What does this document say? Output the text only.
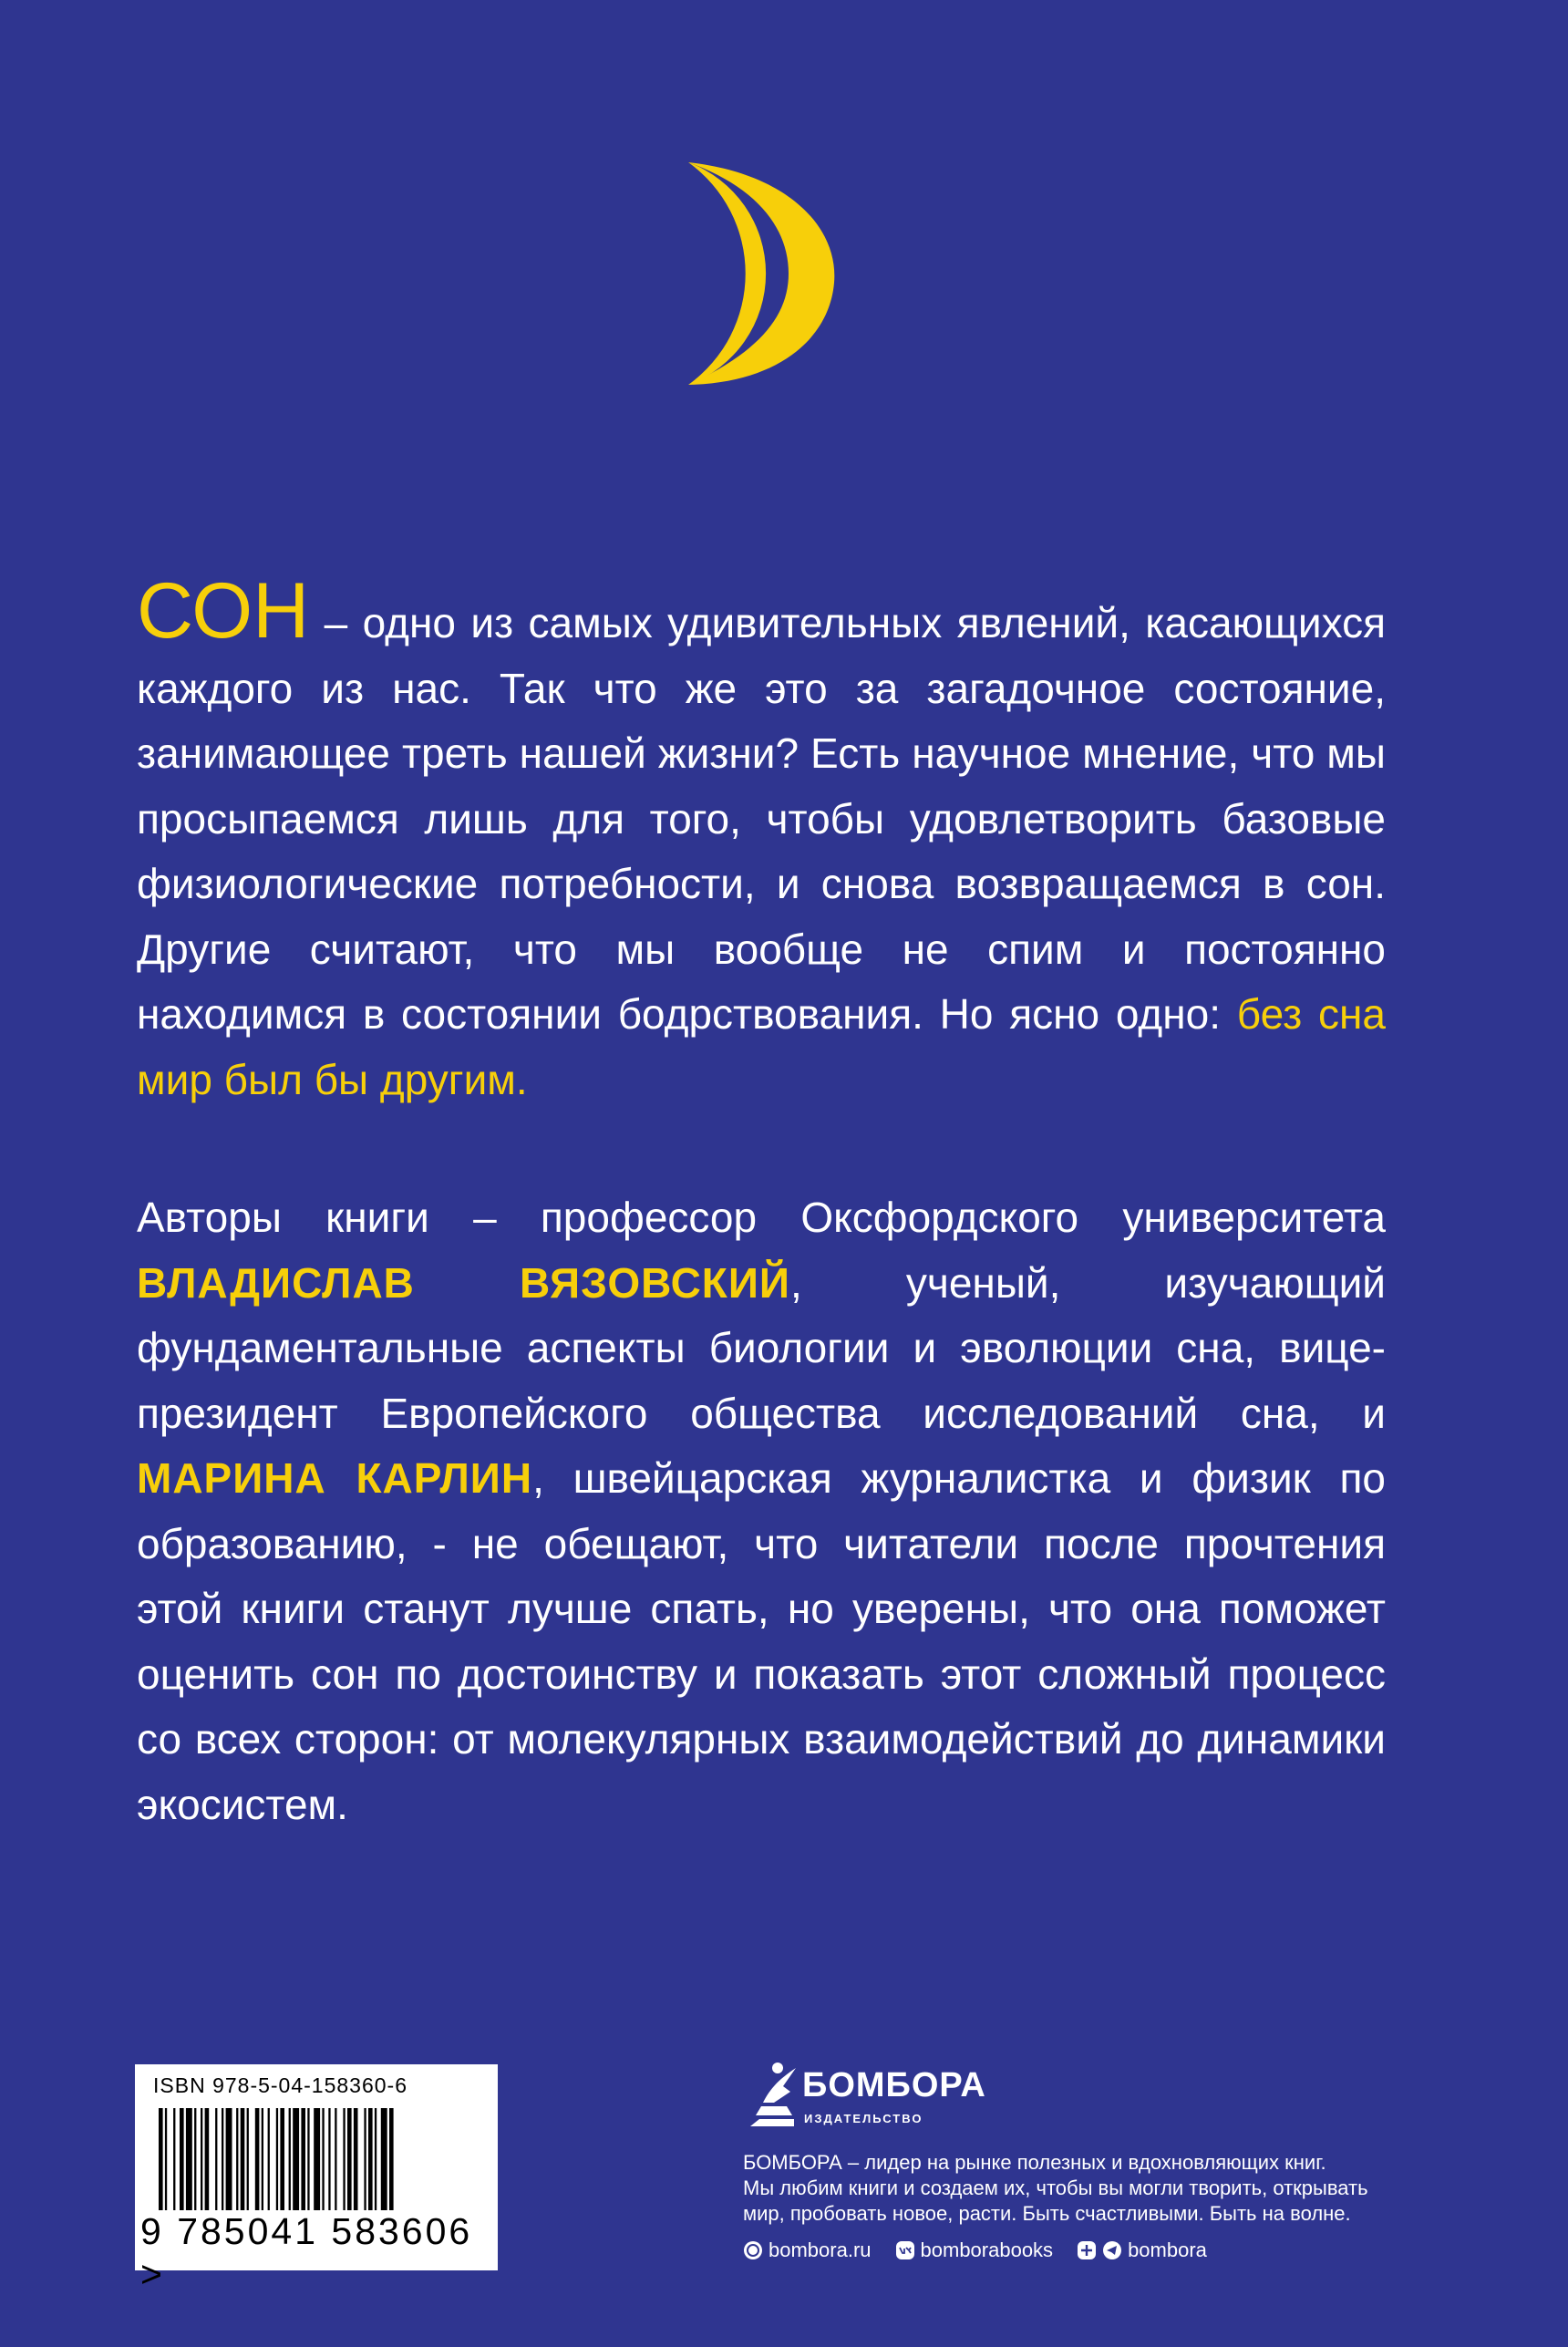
СОН – одно из самых удивительных явлений, касающихся каждого из нас. Так что же это за загадочное состояние, занимающее треть нашей жизни? Есть научное мнение, что мы просыпаемся лишь для того, чтобы удовлетворить базовые физиологические потребности, и снова возвращаемся в сон. Другие считают, что мы вообще не спим и постоянно находимся в состоянии бодрствования. Но ясно одно: без сна мир был бы другим.
Авторы книги – профессор Оксфордского университета ВЛАДИСЛАВ ВЯЗОВСКИЙ, ученый, изучающий фундаментальные аспекты биологии и эволюции сна, вице-президент Европейского общества исследований сна, и МАРИНА КАРЛИН, швейцарская журналистка и физик по образованию, - не обещают, что читатели после прочтения этой книги станут лучше спать, но уверены, что она поможет оценить сон по достоинству и показать этот сложный процесс со всех сторон: от молекулярных взаимодействий до динамики экосистем.
ISBN 978-5-04-158360-6
9 785041 583606 >
БОМБОРА
ИЗДАТЕЛЬСТВО
БОМБОРА – лидер на рынке полезных и вдохновляющих книг.
Мы любим книги и создаем их, чтобы вы могли творить, открывать
мир, пробовать новое, расти. Быть счастливыми. Быть на волне.
bombora.ru bomborabooks	bombora
